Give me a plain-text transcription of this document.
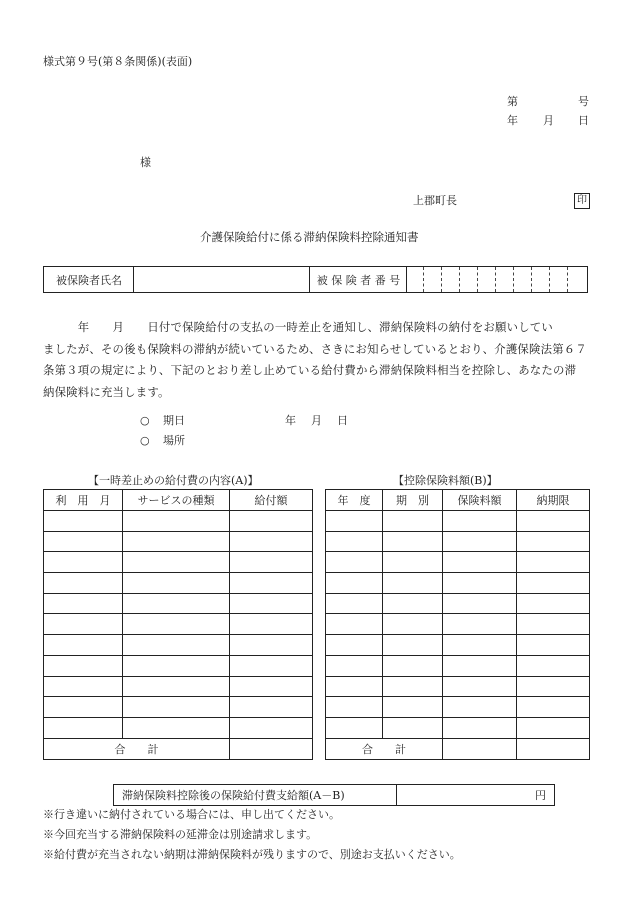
様式第９号(第８条関係)(表面)
第	号
年 月 日
様
上郡町長	印
介護保険給付に係る滞納保険料控除通知書
被保険者氏名	被 保 険 者 番 号
　　　年　　月　　日付で保険給付の支払の一時差止を通知し、滞納保険料の納付をお願いしてい
ましたが、その後も保険料の滞納が続いているため、さきにお知らせしているとおり、介護保険法第６７
条第３項の規定により、下記のとおり差し止めている給付費から滞納保険料相当を控除し、あなたの滞
納保険料に充当します。
○ 期日	年　月　日
○ 場所
【一時差止めの給付費の内容(A)】
利　用　月	サービスの種類	給付額

合　　計		
【控除保険料額(B)】
年　度	期　別	保険料額	納期限

合　　計			
滞納保険料控除後の保険給付費支給額(A－B)	円
※行き違いに納付されている場合には、申し出てください。
※今回充当する滞納保険料の延滞金は別途請求します。
※給付費が充当されない納期は滞納保険料が残りますので、別途お支払いください。
